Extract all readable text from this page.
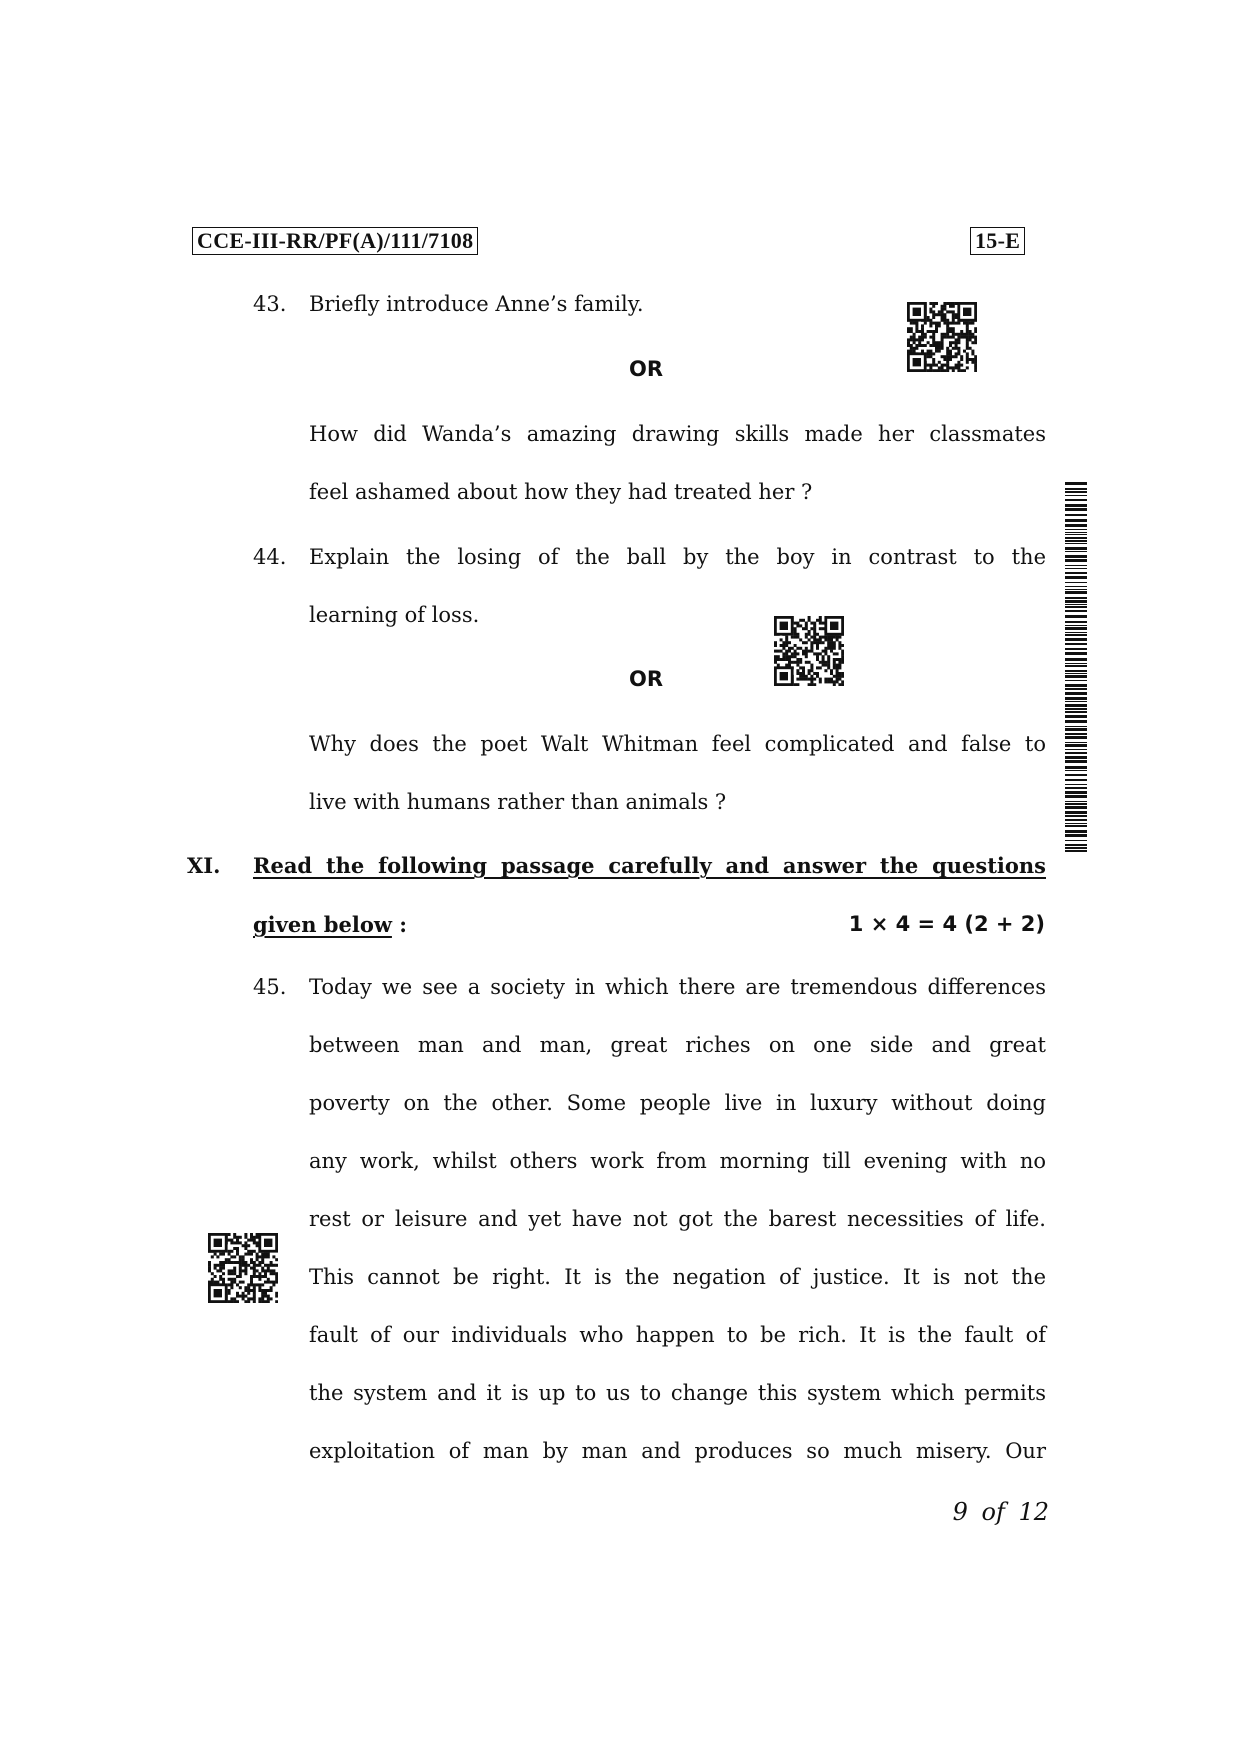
CCE-III-RR/PF(A)/111/7108	15-E
43. Briefly introduce Anne’s family.
OR
How did Wanda’s amazing drawing skills made her classmates
feel ashamed about how they had treated her ?
44. Explain the losing of the ball by the boy in contrast to the
learning of loss.
OR
Why does the poet Walt Whitman feel complicated and false to
live with humans rather than animals ?
XI. Read the following passage carefully and answer the questions
given below :	1 × 4 = 4 (2 + 2)
45. Today we see a society in which there are tremendous differences
between man and man, great riches on one side and great
poverty on the other. Some people live in luxury without doing
any work, whilst others work from morning till evening with no
rest or leisure and yet have not got the barest necessities of life.
This cannot be right. It is the negation of justice. It is not the
fault of our individuals who happen to be rich. It is the fault of
the system and it is up to us to change this system which permits
exploitation of man by man and produces so much misery. Our
9 of 12
